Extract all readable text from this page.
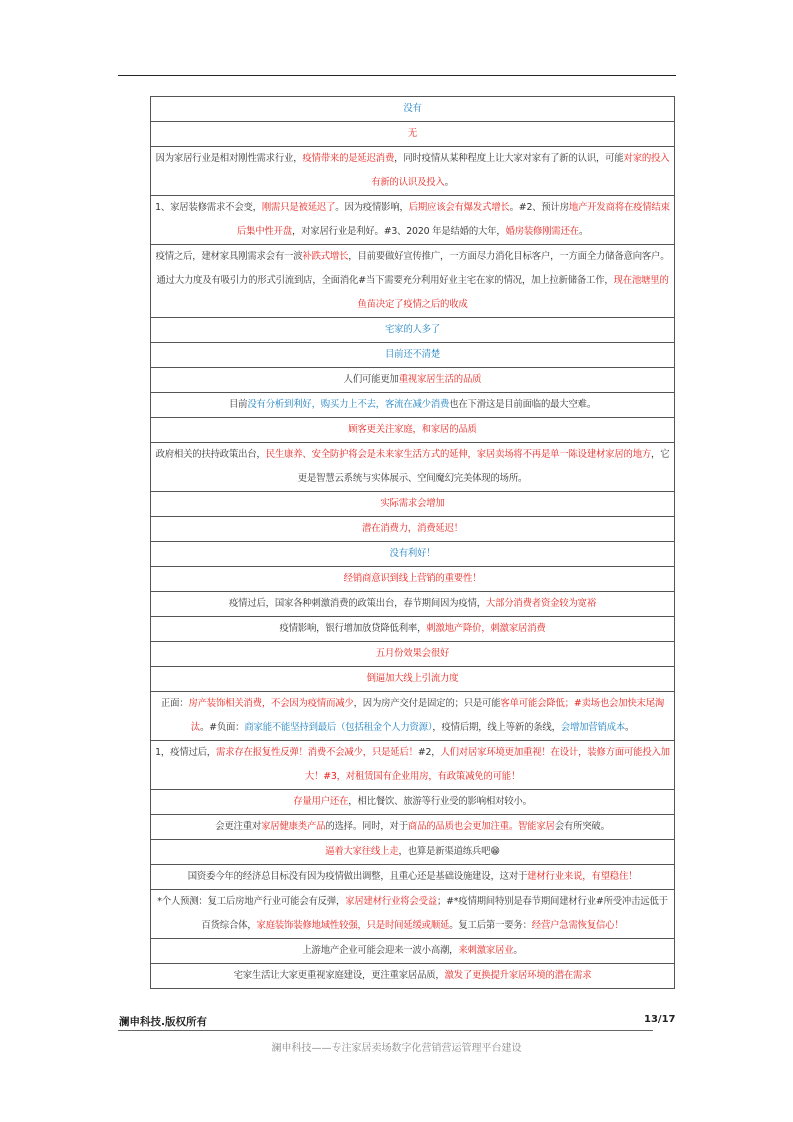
没有
无
因为家居行业是相对刚性需求行业，疫情带来的是延迟消费，同时疫情从某种程度上让大家对家有了新的认识，可能对家的投入有新的认识及投入。
1、家居装修需求不会变，刚需只是被延迟了。因为疫情影响，后期应该会有爆发式增长。#2、预计房地产开发商将在疫情结束后集中性开盘，对家居行业是利好。#3、2020 年是结婚的大年，婚房装修刚需还在。
疫情之后，建材家具刚需求会有一波补跌式增长，目前要做好宣传推广，一方面尽力消化目标客户，一方面全力储备意向客户。通过大力度及有吸引力的形式引流到店，全面消化#当下需要充分利用好业主宅在家的情况，加上拉新储备工作，现在池塘里的鱼苗决定了疫情之后的收成
宅家的人多了
目前还不清楚
人们可能更加重视家居生活的品质
目前没有分析到利好，购买力上不去，客流在减少消费也在下滑这是目前面临的最大空难。
顾客更关注家庭，和家居的品质
政府相关的扶持政策出台，民生康养、安全防护将会是未来家生活方式的延伸，家居卖场将不再是单一陈设建材家居的地方，它更是智慧云系统与实体展示、空间魔幻完美体现的场所。
实际需求会增加
潜在消费力，消费延迟！
没有利好！
经销商意识到线上营销的重要性！
疫情过后，国家各种刺激消费的政策出台，春节期间因为疫情，大部分消费者资金较为宽裕
疫情影响，银行增加放贷降低利率，刺激地产降价，刺激家居消费
五月份效果会很好
倒逼加大线上引流力度
正面：房产装饰相关消费，不会因为疫情而减少，因为房产交付是固定的；只是可能客单可能会降低；#卖场也会加快末尾淘汰。#负面：商家能不能坚持到最后（包括租金个人力资源），疫情后期，线上等新的条线，会增加营销成本。
1，疫情过后，需求存在报复性反弹！消费不会减少，只是延后！#2，人们对居家环境更加重视！在设计，装修方面可能投入加大！#3，对租赁国有企业用房，有政策减免的可能！
存量用户还在，相比餐饮、旅游等行业受的影响相对较小。
会更注重对家居健康类产品的选择。同时，对于商品的品质也会更加注重。智能家居会有所突破。
逼着大家往线上走，也算是新渠道练兵吧😁
国资委今年的经济总目标没有因为疫情做出调整，且重心还是基础设施建设，这对于建材行业来说，有望稳住！
*个人预测：复工后房地产行业可能会有反弹，家居建材行业将会受益；#*疫情期间特别是春节期间建材行业#所受冲击远低于百货综合体，家庭装饰装修地域性较强，只是时间延缓或顺延。复工后第一要务：经营户急需恢复信心！
上游地产企业可能会迎来一波小高潮，来刺激家居业。
宅家生活让大家更重视家庭建设，更注重家居品质，激发了更换提升家居环境的潜在需求
澜申科技.版权所有	13/17
澜申科技——专注家居卖场数字化营销营运管理平台建设
